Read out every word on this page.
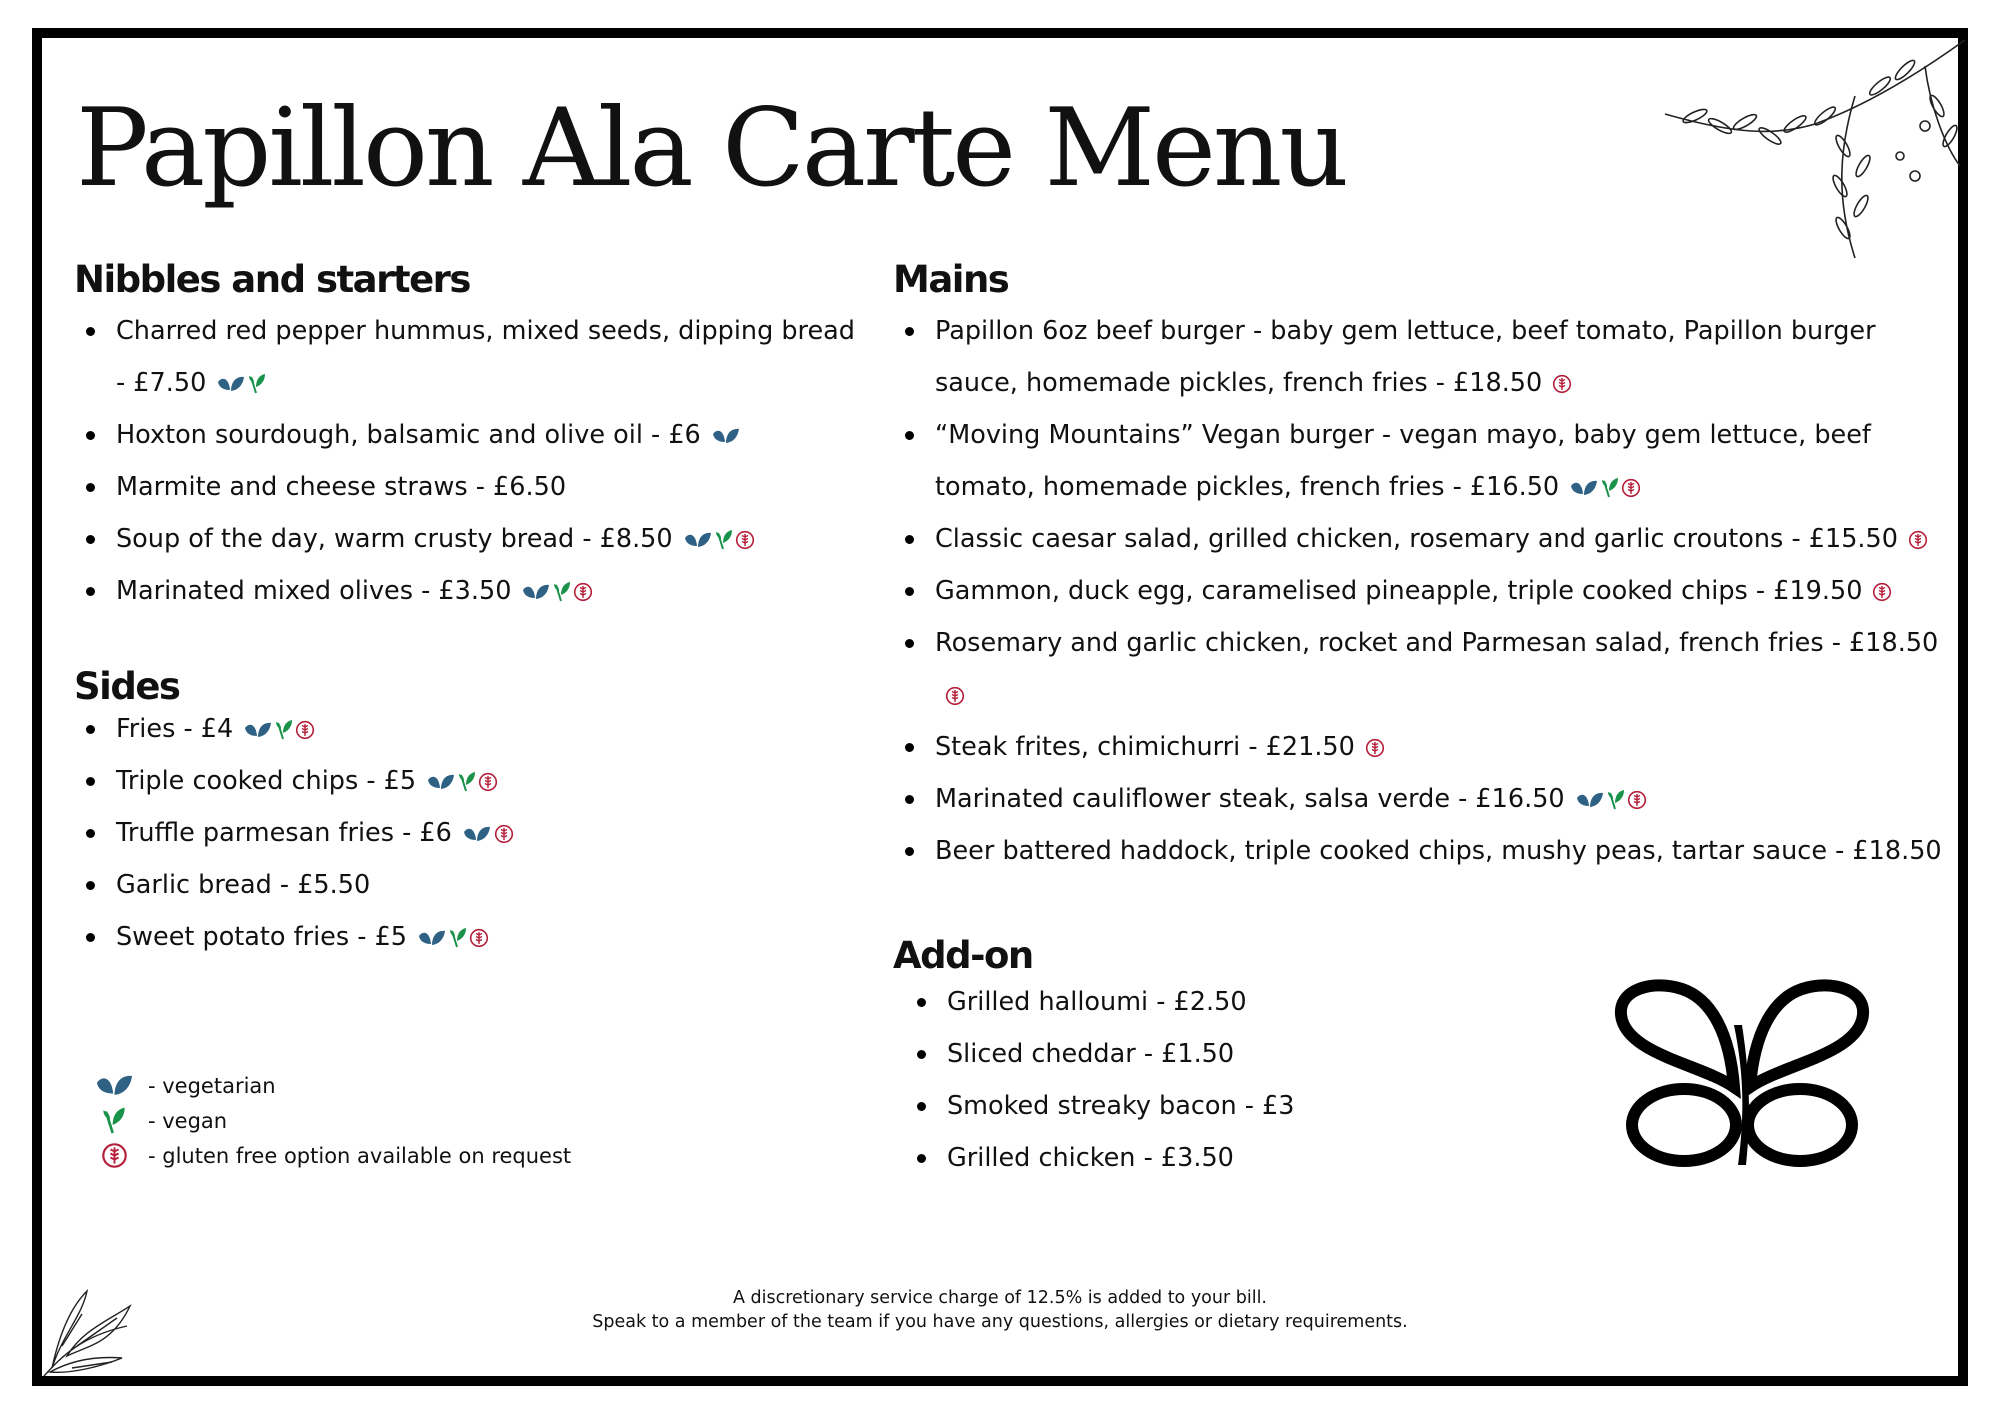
Papillon Ala Carte Menu
Nibbles and starters
Charred red pepper hummus, mixed seeds, dipping bread
- £7.50
Hoxton sourdough, balsamic and olive oil - £6
Marmite and cheese straws - £6.50
Soup of the day, warm crusty bread - £8.50
Marinated mixed olives - £3.50
Sides
Fries - £4
Triple cooked chips - £5
Truffle parmesan fries - £6
Garlic bread - £5.50
Sweet potato fries - £5
Mains
Papillon 6oz beef burger - baby gem lettuce, beef tomato, Papillon burger
sauce, homemade pickles, french fries - £18.50
“Moving Mountains” Vegan burger - vegan mayo, baby gem lettuce, beef
tomato, homemade pickles, french fries - £16.50
Classic caesar salad, grilled chicken, rosemary and garlic croutons - £15.50
Gammon, duck egg, caramelised pineapple, triple cooked chips - £19.50
Rosemary and garlic chicken, rocket and Parmesan salad, french fries - £18.50
Steak frites, chimichurri - £21.50
Marinated cauliflower steak, salsa verde - £16.50
Beer battered haddock, triple cooked chips, mushy peas, tartar sauce - £18.50
Add-on
Grilled halloumi - £2.50
Sliced cheddar - £1.50
Smoked streaky bacon - £3
Grilled chicken - £3.50
- vegetarian
- vegan
- gluten free option available on request
A discretionary service charge of 12.5% is added to your bill.
Speak to a member of the team if you have any questions, allergies or dietary requirements.
